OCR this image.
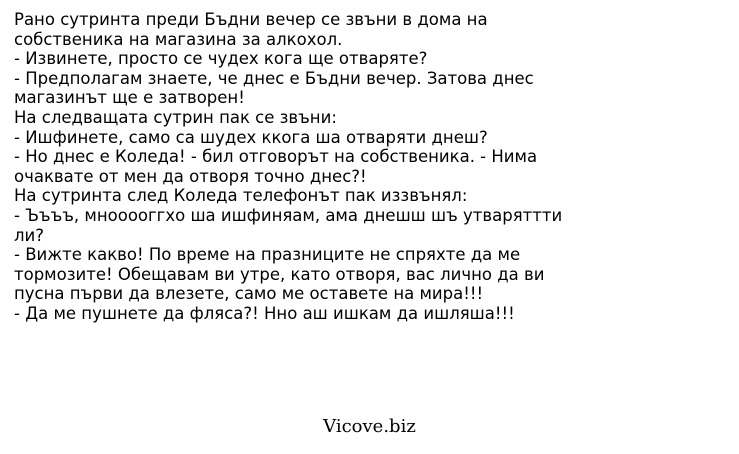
Рано сутринта преди Бъдни вечер се звъни в дома на
собственика на магазина за алкохол.
- Извинете, просто се чудех кога ще отваряте?
- Предполагам знаете, че днес е Бъдни вечер. Затова днес
магазинът ще е затворен!
На следващата сутрин пак се звъни:
- Ишфинете, само са шудех ккога ша отваряти днеш?
- Но днес е Коледа! - бил отговорът на собственика. - Нима
очаквате от мен да отворя точно днес?!
На сутринта след Коледа телефонът пак иззвънял:
- Ъъъъ, мнооооггхо ша ишфиняам, ама днешш шъ утваряттти
ли?
- Вижте какво! По време на празниците не спряхте да ме
тормозите! Обещавам ви утре, като отворя, вас лично да ви
пусна първи да влезете, само ме оставете на мира!!!
- Да ме пушнете да фляса?! Нно аш ишкам да ишляша!!!
Vicove.biz
